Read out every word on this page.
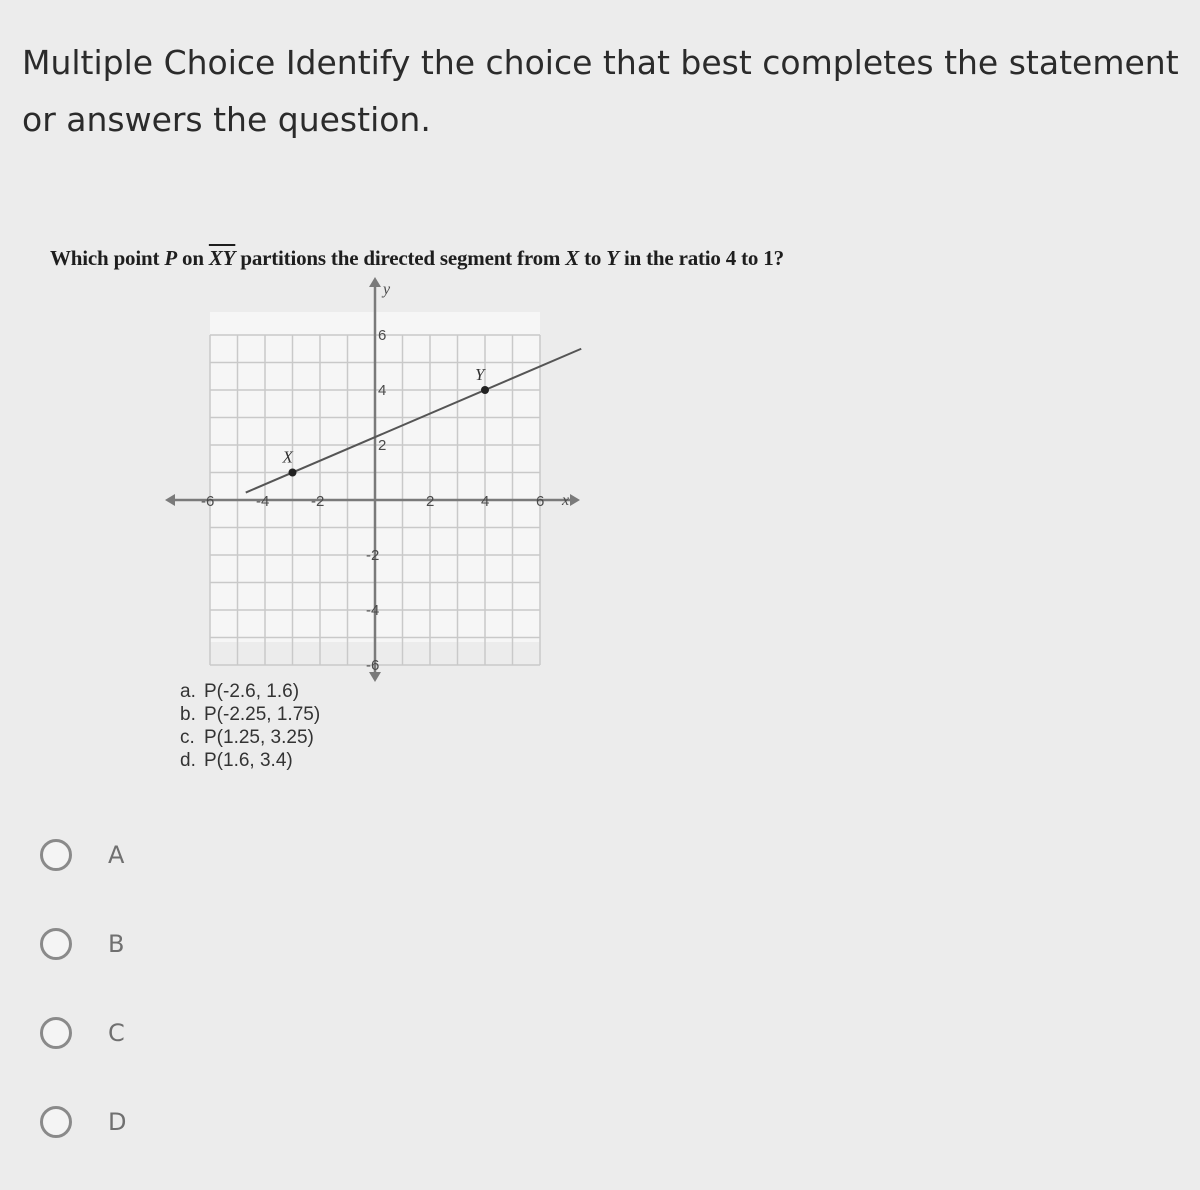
Multiple Choice Identify the choice that best completes the statement or answers the question.

-6	-4	-2	2	4	6
6
4
2
-2
-4
-6
x
y
X
Y
Which point P on $\overline{XY}$ partitions the directed segment from X to Y in the ratio 4 to 1?
a. P(-2.6, 1.6)
b. P(-2.25, 1.75)
c. P(1.25, 3.25)
d. P(1.6, 3.4)
A
B
C
D
